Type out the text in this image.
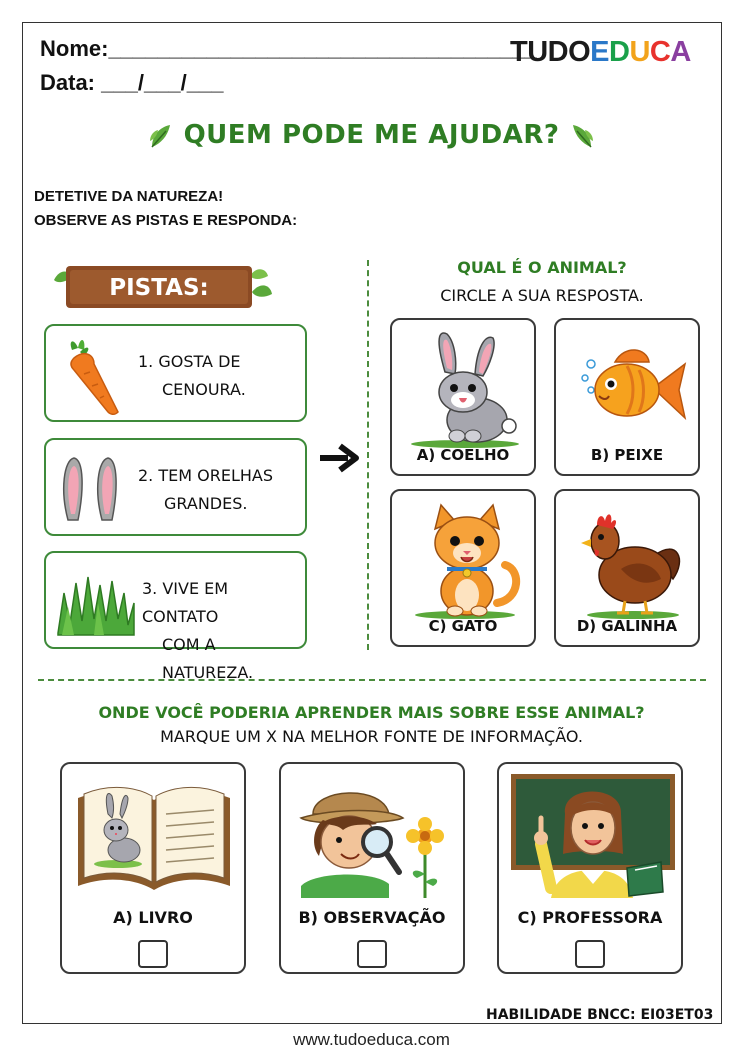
Nome:___________________________________
Data: ___/___/___
TUDOEDUCA
QUEM PODE ME AJUDAR?
DETETIVE DA NATUREZA!
OBSERVE AS PISTAS E RESPONDA:
PISTAS:
1. GOSTA DE
CENOURA.
2. TEM ORELHAS
GRANDES.
3. VIVE EM CONTATO
COM A NATUREZA.
QUAL É O ANIMAL?
CIRCLE A SUA RESPOSTA.
A) COELHO	B) PEIXE
C) GATO	D) GALINHA
ONDE VOCÊ PODERIA APRENDER MAIS SOBRE ESSE ANIMAL?
MARQUE UM X NA MELHOR FONTE DE INFORMAÇÃO.
A) LIVRO	B) OBSERVAÇÃO	C) PROFESSORA
HABILIDADE BNCC: EI03ET03
www.tudoeduca.com
